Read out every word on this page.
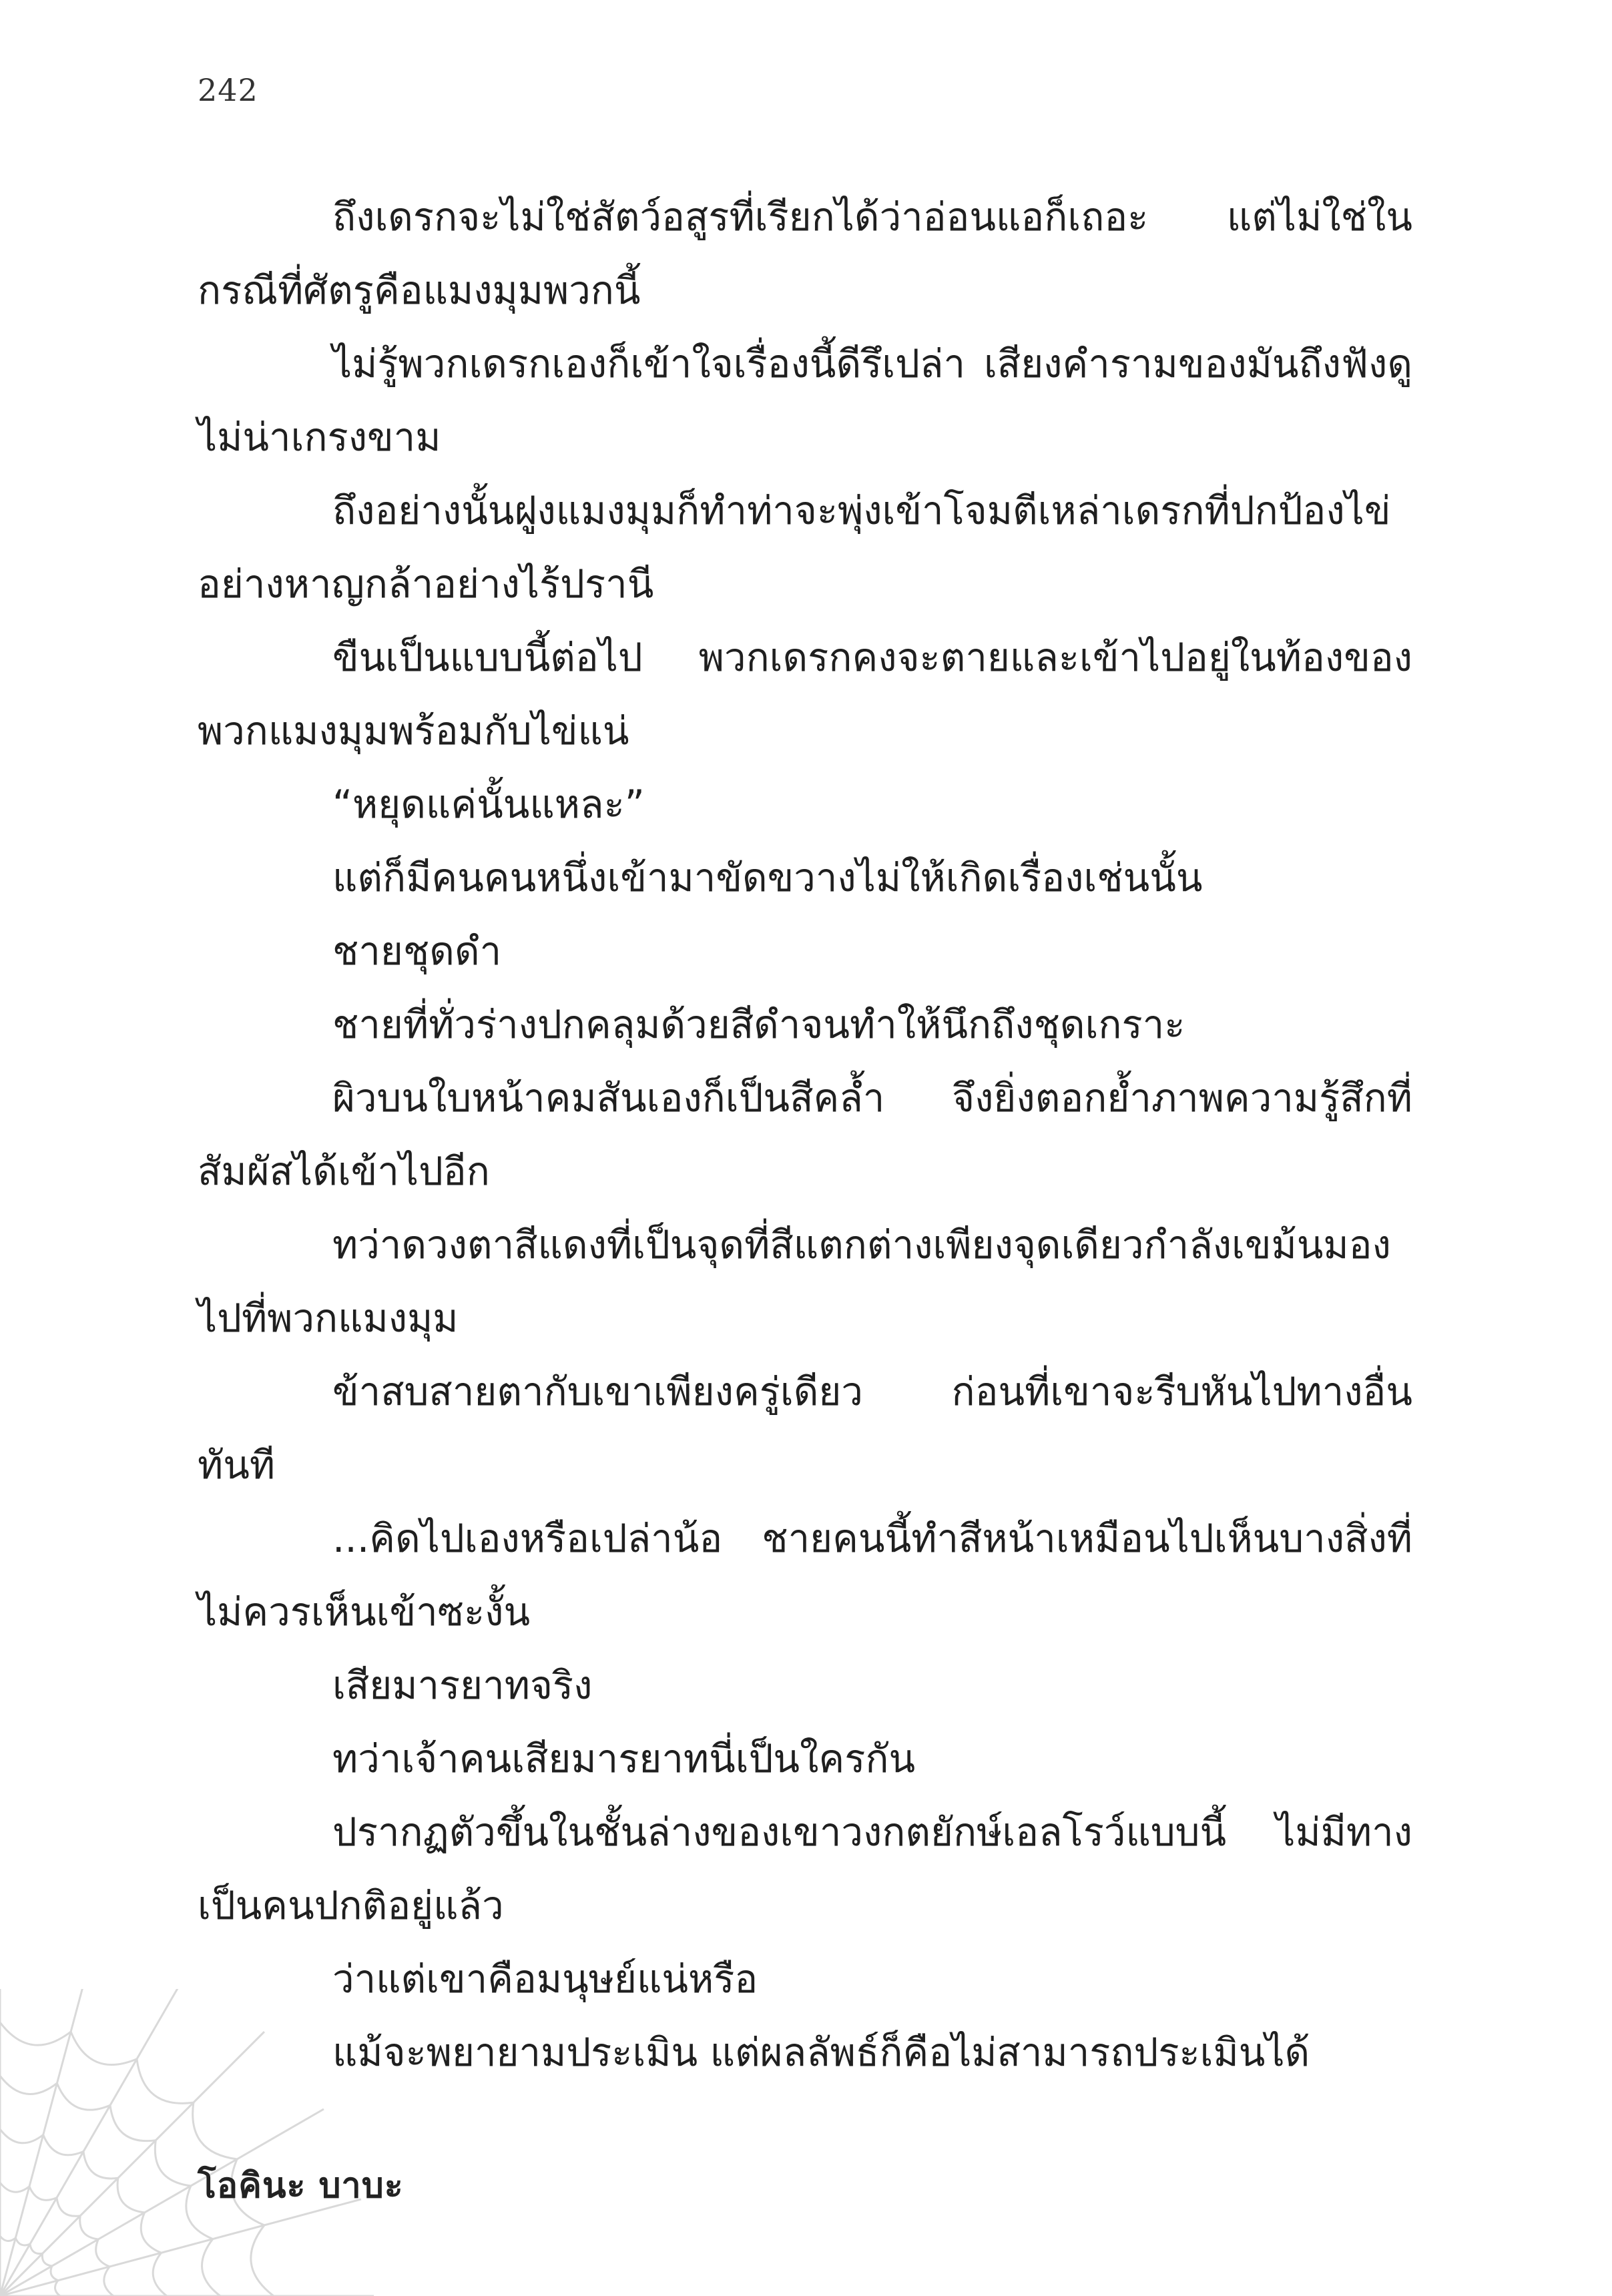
242

ถึงเดรกจะไม่ใช่สัตว์อสูรที่เรียกได้ว่าอ่อนแอก็เถอะ แต่ไม่ใช่ในกรณีที่ศัตรูคือแมงมุมพวกนี้

ไม่รู้พวกเดรกเองก็เข้าใจเรื่องนี้ดีรึเปล่า เสียงคำรามของมันถึงฟังดูไม่น่าเกรงขาม

ถึงอย่างนั้นฝูงแมงมุมก็ทำท่าจะพุ่งเข้าโจมตีเหล่าเดรกที่ปกป้องไข่อย่างหาญกล้าอย่างไร้ปรานี

ขืนเป็นแบบนี้ต่อไป พวกเดรกคงจะตายและเข้าไปอยู่ในท้องของพวกแมงมุมพร้อมกับไข่แน่

“หยุดแค่นั้นแหละ”

แต่ก็มีคนคนหนึ่งเข้ามาขัดขวางไม่ให้เกิดเรื่องเช่นนั้น

ชายชุดดำ

ชายที่ทั่วร่างปกคลุมด้วยสีดำจนทำให้นึกถึงชุดเกราะ

ผิวบนใบหน้าคมสันเองก็เป็นสีคล้ำ จึงยิ่งตอกย้ำภาพความรู้สึกที่สัมผัสได้เข้าไปอีก

ทว่าดวงตาสีแดงที่เป็นจุดที่สีแตกต่างเพียงจุดเดียวกำลังเขม้นมองไปที่พวกแมงมุม

ข้าสบสายตากับเขาเพียงครู่เดียว ก่อนที่เขาจะรีบหันไปทางอื่นทันที

...คิดไปเองหรือเปล่าน้อ ชายคนนี้ทำสีหน้าเหมือนไปเห็นบางสิ่งที่ไม่ควรเห็นเข้าซะงั้น

เสียมารยาทจริง

ทว่าเจ้าคนเสียมารยาทนี่เป็นใครกัน

ปรากฏตัวขึ้นในชั้นล่างของเขาวงกตยักษ์เอลโรว์แบบนี้ ไม่มีทางเป็นคนปกติอยู่แล้ว

ว่าแต่เขาคือมนุษย์แน่หรือ

แม้จะพยายามประเมิน แต่ผลลัพธ์ก็คือไม่สามารถประเมินได้

โอคินะ บาบะ
